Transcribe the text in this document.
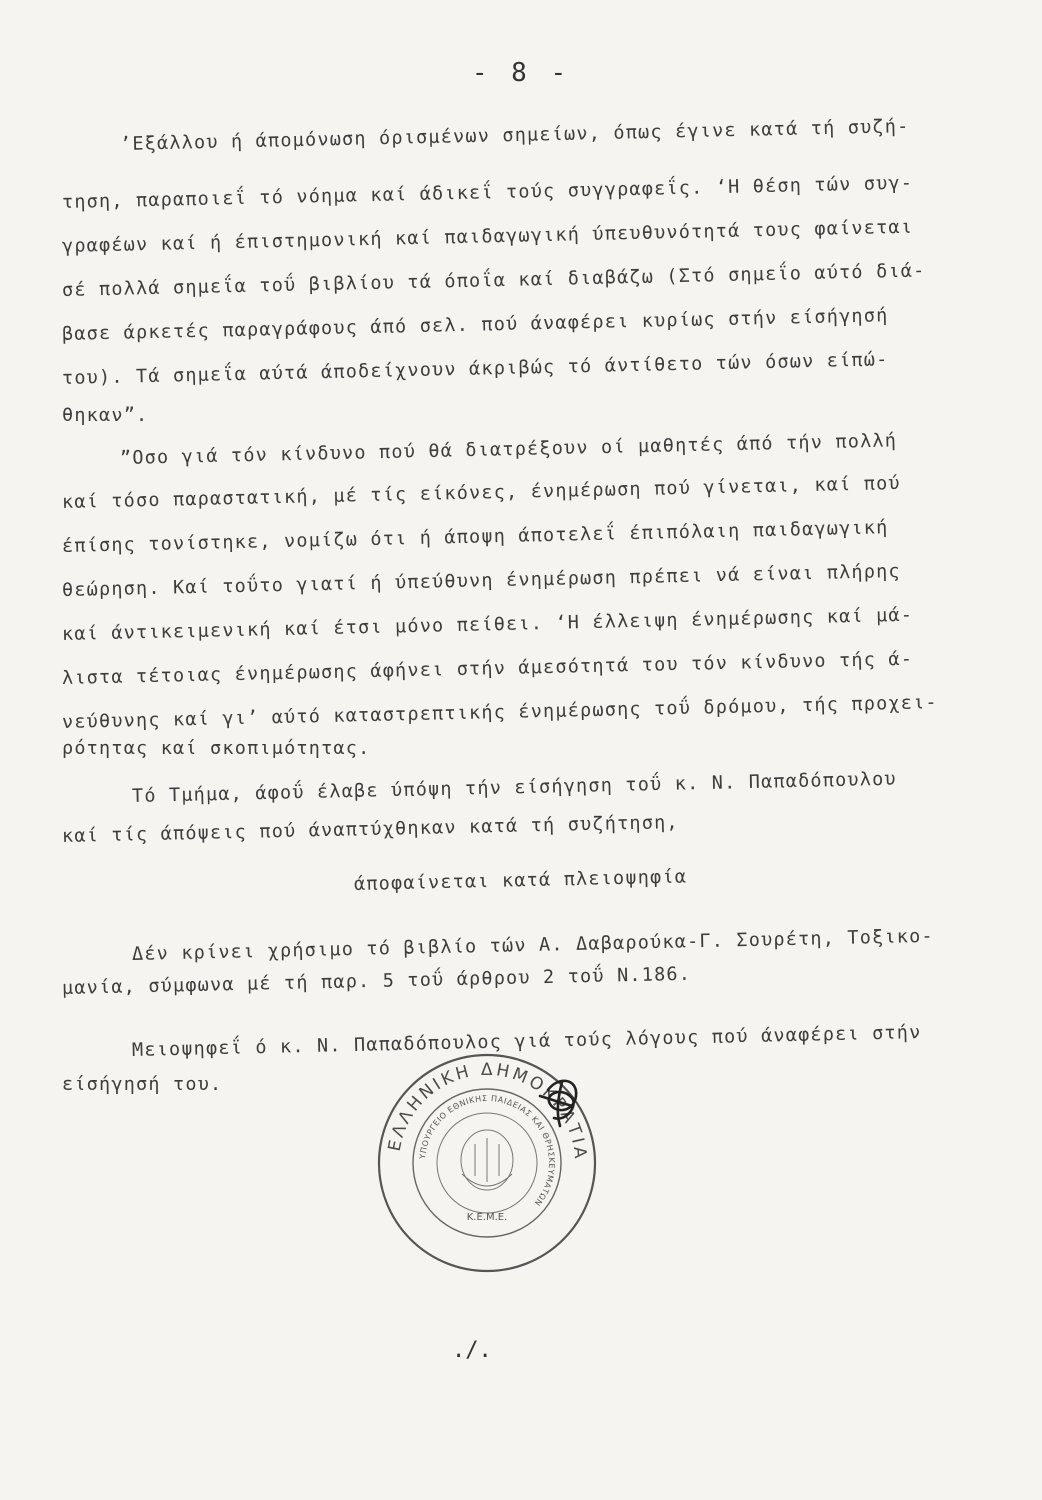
- 8 -
’Εξάλλου ή άπομόνωση όρισμένων σημείων, όπως έγινε κατά τή συζή-
τηση, παραποιεΐ τό νόημα καί άδικεΐ τούς συγγραφεΐς. ‘Η θέση τών συγ-
γραφέων καί ή έπιστημονική καί παιδαγωγική ύπευθυνότητά τους φαίνεται
σέ πολλά σημεΐα τοΰ βιβλίου τά όποΐα καί διαβάζω (Στό σημεΐο αύτό διά-
βασε άρκετές παραγράφους άπό σελ. πού άναφέρει κυρίως στήν είσήγησή
του). Τά σημεΐα αύτά άποδείχνουν άκριβώς τό άντίθετο τών όσων είπώ-
θηκαν”.
”Οσο γιά τόν κίνδυνο πού θά διατρέξουν οί μαθητές άπό τήν πολλή
καί τόσο παραστατική, μέ τίς είκόνες, ένημέρωση πού γίνεται, καί πού
έπίσης τονίστηκε, νομίζω ότι ή άποψη άποτελεΐ έπιπόλαιη παιδαγωγική
θεώρηση. Καί τοΰτο γιατί ή ύπεύθυνη ένημέρωση πρέπει νά είναι πλήρης
καί άντικειμενική καί έτσι μόνο πείθει. ‘Η έλλειψη ένημέρωσης καί μά-
λιστα τέτοιας ένημέρωσης άφήνει στήν άμεσότητά του τόν κίνδυνο τής ά-
νεύθυνης καί γι’ αύτό καταστρεπτικής ένημέρωσης τοΰ δρόμου, τής προχει-
ρότητας καί σκοπιμότητας.
Τό Τμήμα, άφοΰ έλαβε ύπόψη τήν είσήγηση τοΰ κ. Ν. Παπαδόπουλου
καί τίς άπόψεις πού άναπτύχθηκαν κατά τή συζήτηση,
άποφαίνεται κατά πλειοψηφία
Δέν κρίνει χρήσιμο τό βιβλίο τών Α. Δαβαρούκα-Γ. Σουρέτη, Τοξικο-
μανία, σύμφωνα μέ τή παρ. 5 τοΰ άρθρου 2 τοΰ Ν.186.
Μειοψηφεΐ ό κ. Ν. Παπαδόπουλος γιά τούς λόγους πού άναφέρει στήν
είσήγησή του.
ΕΛΛΗΝΙΚΗ ΔΗΜΟΚΡΑΤΙΑ
ΥΠΟΥΡΓΕΙΟ ΕΘΝΙΚΗΣ ΠΑΙΔΕΙΑΣ ΚΑΙ ΘΡΗΣΚΕΥΜΑΤΩΝ
Κ.Ε.Μ.Ε.
./.
